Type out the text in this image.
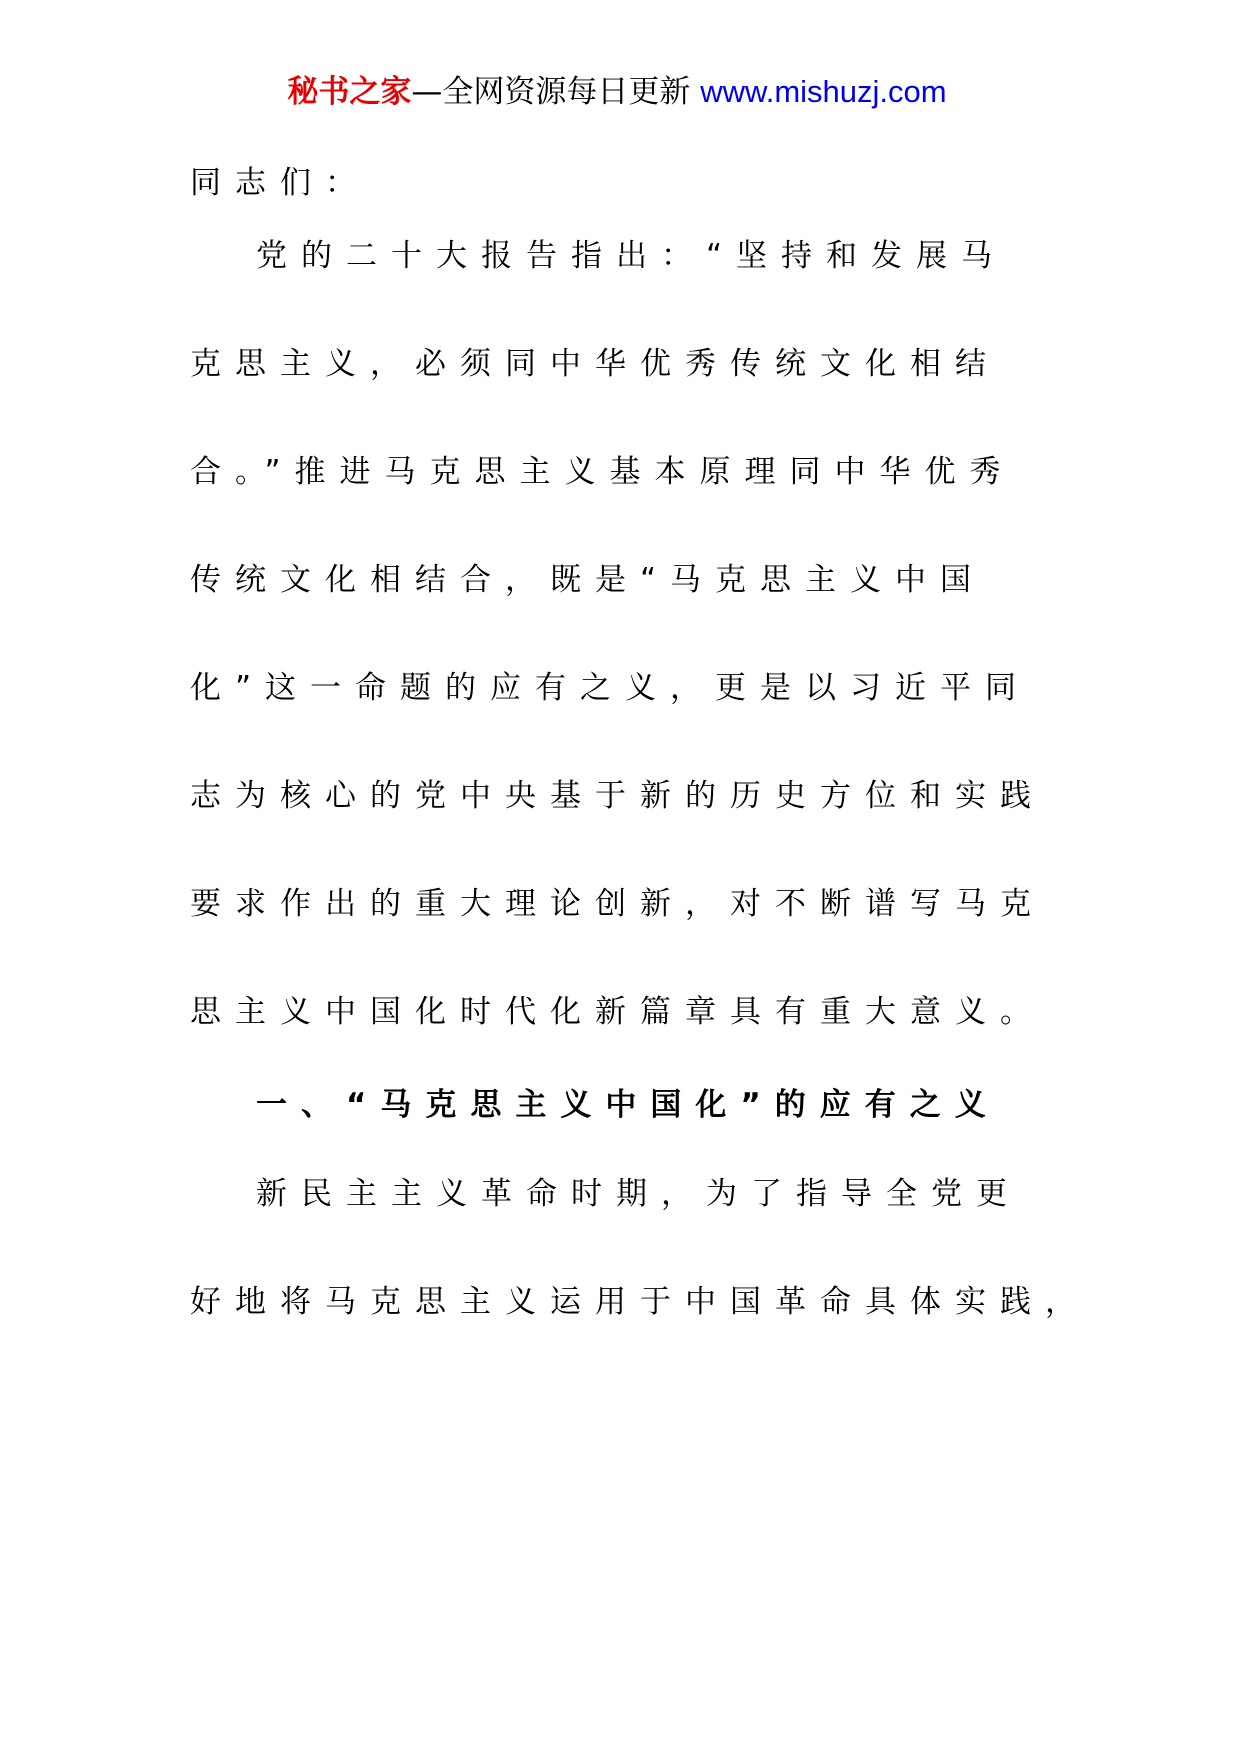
秘书之家—全网资源每日更新 www.mishuzj.com

同志们：

党的二十大报告指出：“坚持和发展马

克思主义，必须同中华优秀传统文化相结

合。”推进马克思主义基本原理同中华优秀

传统文化相结合，既是“马克思主义中国

化”这一命题的应有之义，更是以习近平同

志为核心的党中央基于新的历史方位和实践

要求作出的重大理论创新，对不断谱写马克

思主义中国化时代化新篇章具有重大意义。

一、“马克思主义中国化”的应有之义

新民主主义革命时期，为了指导全党更

好地将马克思主义运用于中国革命具体实践，
